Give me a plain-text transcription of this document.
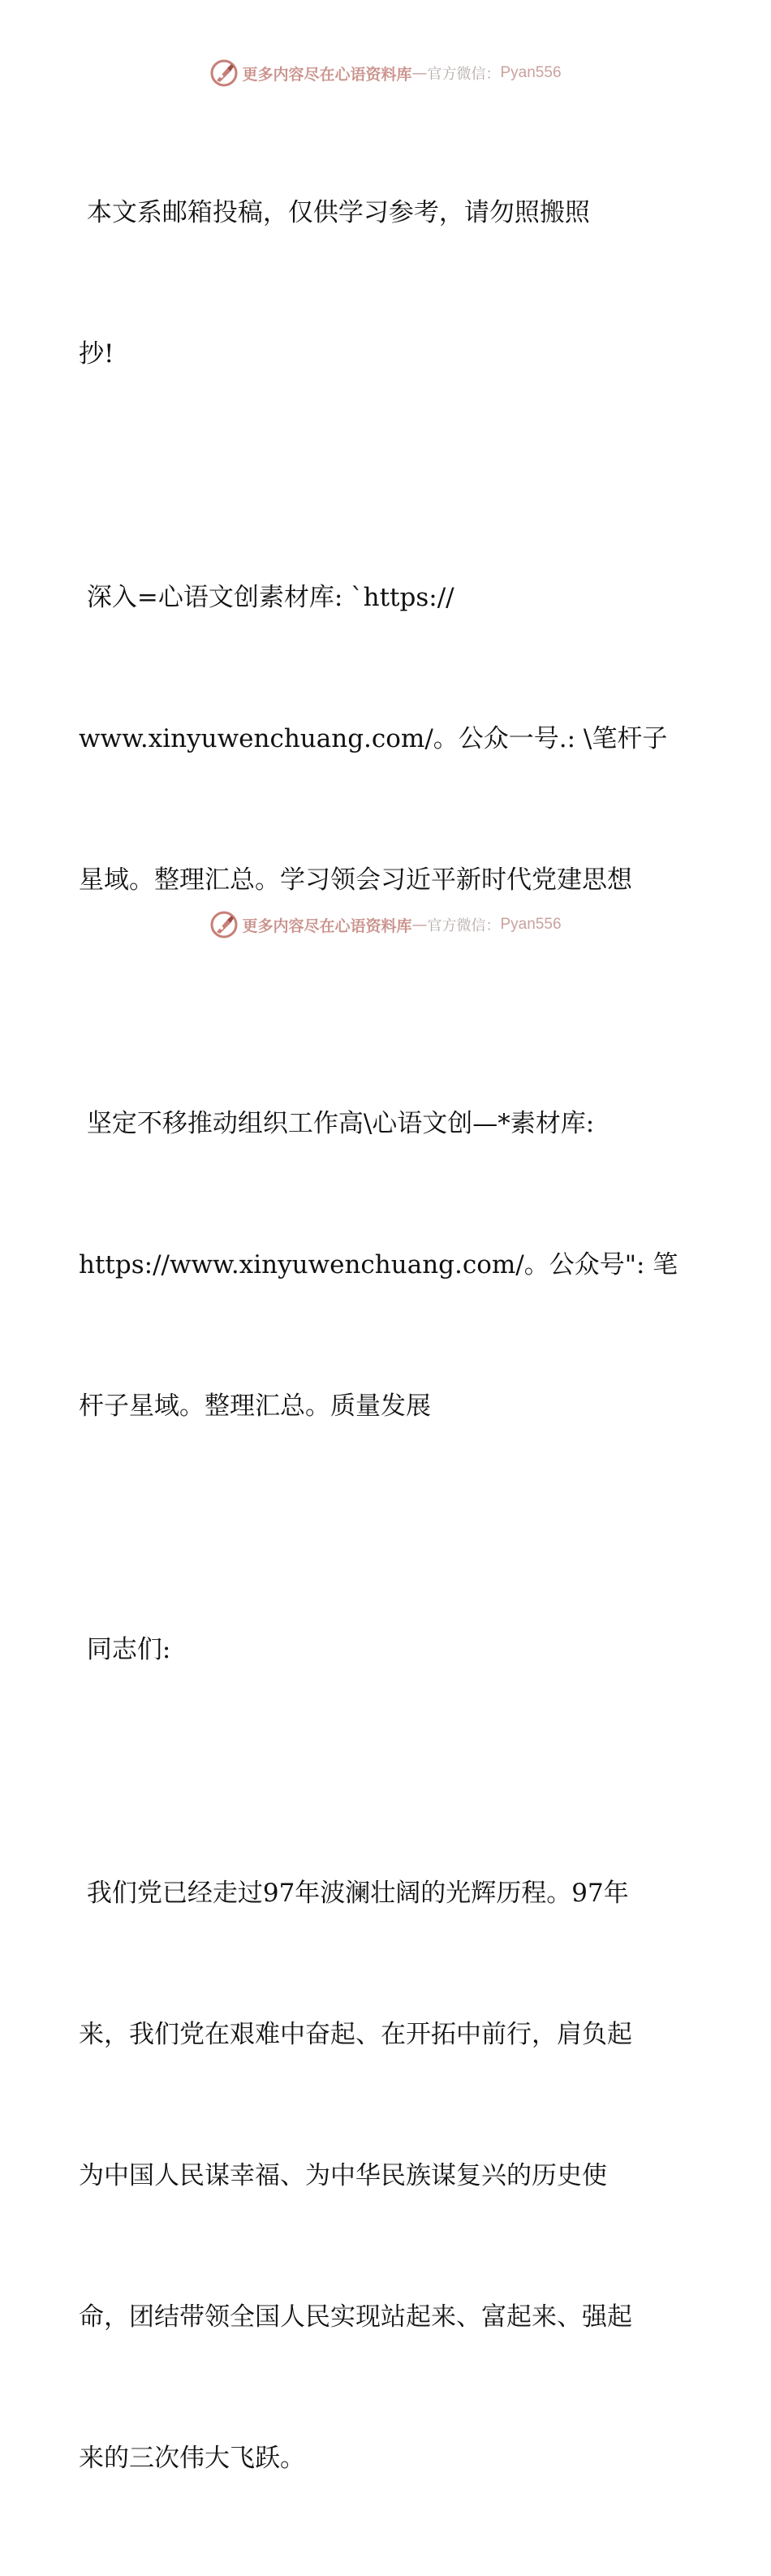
更多内容尽在心语资料库 — 官方微信： Pyan556

本文系邮箱投稿，仅供学习参考，请勿照搬照

抄!

深入=心语文创素材库: `https://

www.xinyuwenchuang.com/。公众一号.: \笔杆子

星域。整理汇总。学习领会习近平新时代党建思想

坚定不移推动组织工作高\心语文创—*素材库:

https://www.xinyuwenchuang.com/。公众号": 笔

杆子星域。整理汇总。质量发展

同志们:

我们党已经走过97年波澜壮阔的光辉历程。97年

来，我们党在艰难中奋起、在开拓中前行，肩负起

为中国人民谋幸福、为中华民族谋复兴的历史使

命，团结带领全国人民实现站起来、富起来、强起

来的三次伟大飞跃。

更多内容尽在心语资料库 — 官方微信： Pyan556
